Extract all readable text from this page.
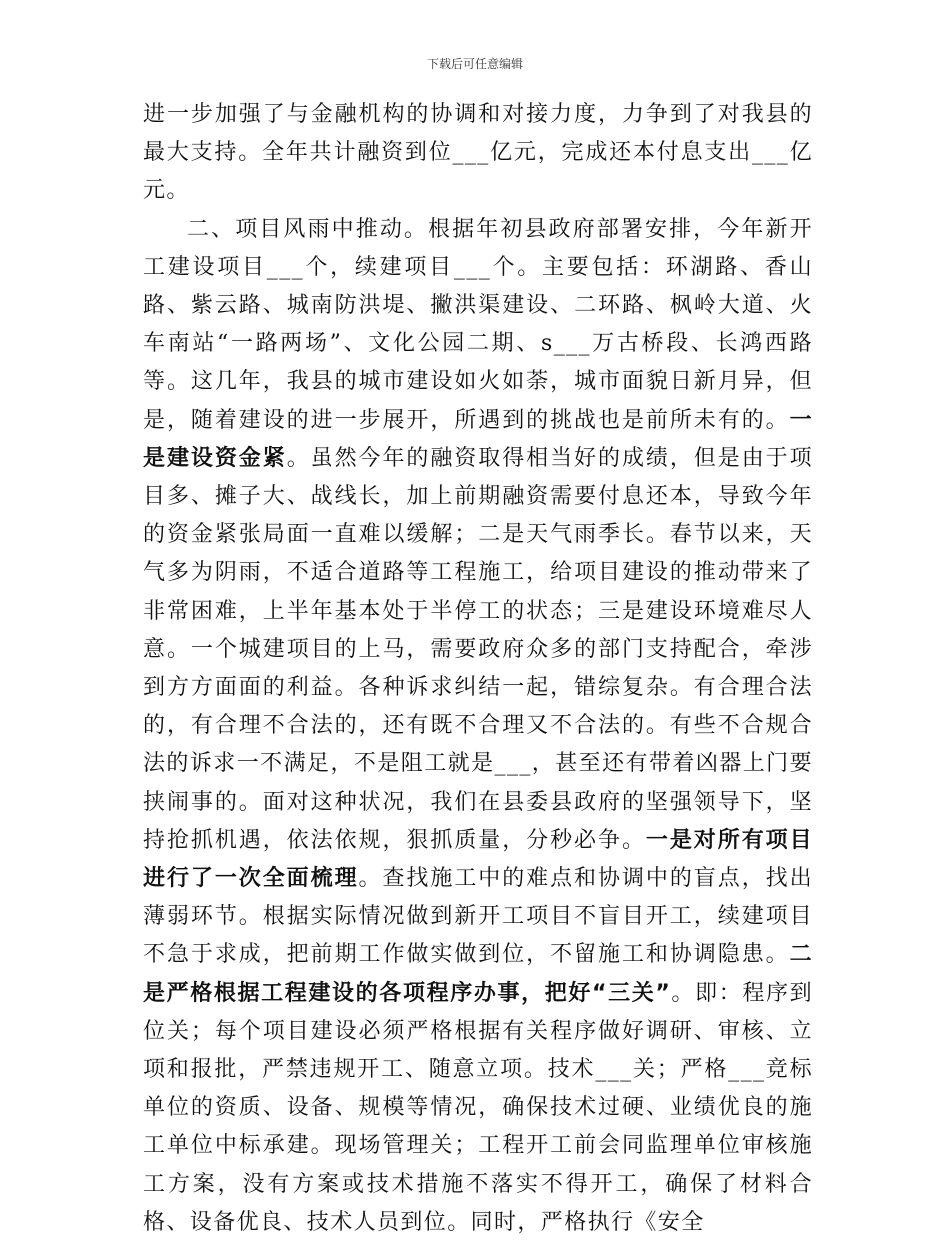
下载后可任意编辑

进一步加强了与金融机构的协调和对接力度，力争到了对我县的最大支持。全年共计融资到位___亿元，完成还本付息支出___亿元。

二、项目风雨中推动。根据年初县政府部署安排，今年新开工建设项目___个，续建项目___个。主要包括：环湖路、香山路、紫云路、城南防洪堤、撇洪渠建设、二环路、枫岭大道、火车南站“一路两场”、文化公园二期、s___万古桥段、长鸿西路等。这几年，我县的城市建设如火如荼，城市面貌日新月异，但是，随着建设的进一步展开，所遇到的挑战也是前所未有的。一是建设资金紧。虽然今年的融资取得相当好的成绩，但是由于项目多、摊子大、战线长，加上前期融资需要付息还本，导致今年的资金紧张局面一直难以缓解；二是天气雨季长。春节以来，天气多为阴雨，不适合道路等工程施工，给项目建设的推动带来了非常困难，上半年基本处于半停工的状态；三是建设环境难尽人意。一个城建项目的上马，需要政府众多的部门支持配合，牵涉到方方面面的利益。各种诉求纠结一起，错综复杂。有合理合法的，有合理不合法的，还有既不合理又不合法的。有些不合规合法的诉求一不满足，不是阻工就是___，甚至还有带着凶器上门要挟闹事的。面对这种状况，我们在县委县政府的坚强领导下，坚持抢抓机遇，依法依规，狠抓质量，分秒必争。一是对所有项目进行了一次全面梳理。查找施工中的难点和协调中的盲点，找出薄弱环节。根据实际情况做到新开工项目不盲目开工，续建项目不急于求成，把前期工作做实做到位，不留施工和协调隐患。二是严格根据工程建设的各项程序办事，把好“三关”。即：程序到位关；每个项目建设必须严格根据有关程序做好调研、审核、立项和报批，严禁违规开工、随意立项。技术___关；严格___竞标单位的资质、设备、规模等情况，确保技术过硬、业绩优良的施工单位中标承建。现场管理关；工程开工前会同监理单位审核施工方案，没有方案或技术措施不落实不得开工，确保了材料合格、设备优良、技术人员到位。同时，严格执行《安全
